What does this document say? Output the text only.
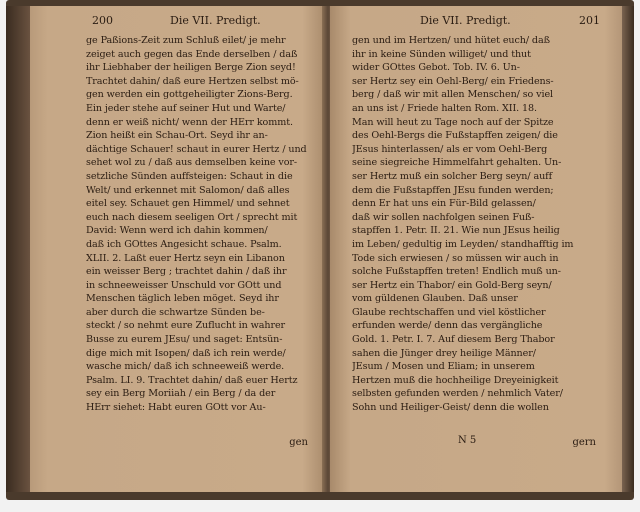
200	Die VII. Predigt.
ge Paßions-Zeit zum Schluß eilet/ je mehr
zeiget auch gegen das Ende derselben / daß
ihr Liebhaber der heiligen Berge Zion seyd!
Trachtet dahin/ daß eure Hertzen selbst mö-
gen werden ein gottgeheiligter Zions-Berg.
Ein jeder stehe auf seiner Hut und Warte/
denn er weiß nicht/ wenn der HErr kommt.
Zion heißt ein Schau-Ort. Seyd ihr an-
dächtige Schauer! schaut in eurer Hertz / und
sehet wol zu / daß aus demselben keine vor-
setzliche Sünden auffsteigen: Schaut in die
Welt/ und erkennet mit Salomon/ daß alles
eitel sey. Schauet gen Himmel/ und sehnet
euch nach diesem seeligen Ort / sprecht mit
David: Wenn werd ich dahin kommen/
daß ich GOttes Angesicht schaue. Psalm.
XLII. 2. Laßt euer Hertz seyn ein Libanon
ein weisser Berg ; trachtet dahin / daß ihr
in schneeweisser Unschuld vor GOtt und
Menschen täglich leben möget. Seyd ihr
aber durch die schwartze Sünden be-
steckt / so nehmt eure Zuflucht in wahrer
Busse zu eurem JEsu/ und saget: Entsün-
dige mich mit Isopen/ daß ich rein werde/
wasche mich/ daß ich schneeweiß werde.
Psalm. LI. 9. Trachtet dahin/ daß euer Hertz
sey ein Berg Moriiah / ein Berg / da der
HErr siehet: Habt euren GOtt vor Au-
gen
Die VII. Predigt.	201
gen und im Hertzen/ und hütet euch/ daß
ihr in keine Sünden williget/ und thut
wider GOttes Gebot. Tob. IV. 6. Un-
ser Hertz sey ein Oehl-Berg/ ein Friedens-
berg / daß wir mit allen Menschen/ so viel
an uns ist / Friede halten Rom. XII. 18.
Man will heut zu Tage noch auf der Spitze
des Oehl-Bergs die Fußstapffen zeigen/ die
JEsus hinterlassen/ als er vom Oehl-Berg
seine siegreiche Himmelfahrt gehalten. Un-
ser Hertz muß ein solcher Berg seyn/ auff
dem die Fußstapffen JEsu funden werden;
denn Er hat uns ein Für-Bild gelassen/
daß wir sollen nachfolgen seinen Fuß-
stapffen 1. Petr. II. 21. Wie nun JEsus heilig
im Leben/ gedultig im Leyden/ standhafftig im
Tode sich erwiesen / so müssen wir auch in
solche Fußstapffen treten! Endlich muß un-
ser Hertz ein Thabor/ ein Gold-Berg seyn/
vom güldenen Glauben. Daß unser
Glaube rechtschaffen und viel köstlicher
erfunden werde/ denn das vergängliche
Gold. 1. Petr. I. 7. Auf diesem Berg Thabor
sahen die Jünger drey heilige Männer/
JEsum / Mosen und Eliam; in unserem
Hertzen muß die hochheilige Dreyeinigkeit
selbsten gefunden werden / nehmlich Vater/
Sohn und Heiliger-Geist/ denn die wollen
N 5	gern
